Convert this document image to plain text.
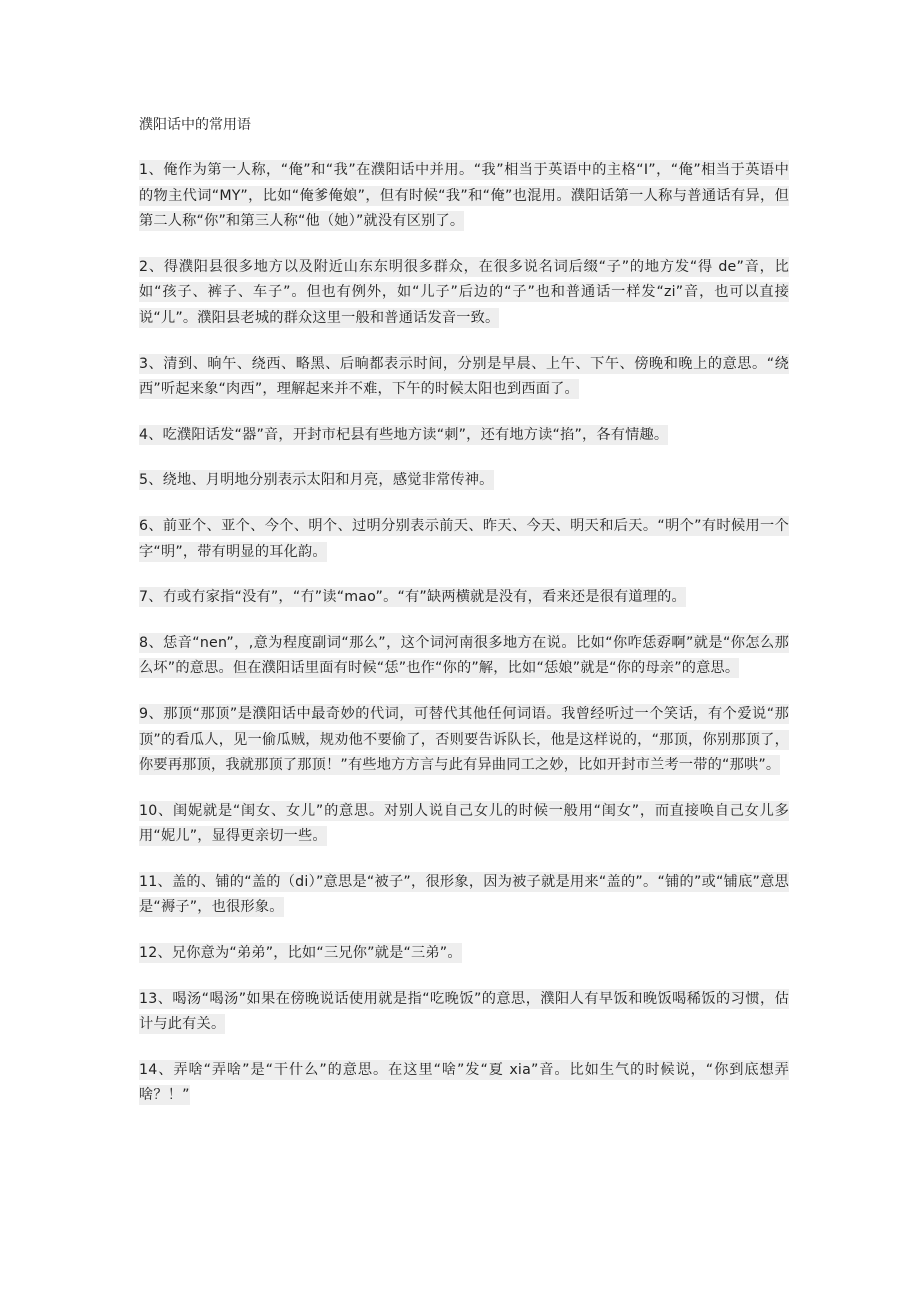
濮阳话中的常用语

1、俺作为第一人称，“俺”和“我”在濮阳话中并用。“我”相当于英语中的主格“I”，“俺”相当于英语中的物主代词“MY”，比如“俺爹俺娘”，但有时候“我”和“俺”也混用。濮阳话第一人称与普通话有异，但第二人称“你”和第三人称“他（她）”就没有区别了。

2、得濮阳县很多地方以及附近山东东明很多群众，在很多说名词后缀“子”的地方发“得 de”音，比如“孩子、裤子、车子”。但也有例外，如“儿子”后边的“子”也和普通话一样发“zi”音，也可以直接说“儿”。濮阳县老城的群众这里一般和普通话发音一致。

3、清到、晌午、绕西、略黑、后晌都表示时间，分别是早晨、上午、下午、傍晚和晚上的意思。“绕西”听起来象“肉西”，理解起来并不难，下午的时候太阳也到西面了。

4、吃濮阳话发“器”音，开封市杞县有些地方读“刺”，还有地方读“掐”，各有情趣。

5、绕地、月明地分别表示太阳和月亮，感觉非常传神。

6、前亚个、亚个、今个、明个、过明分别表示前天、昨天、今天、明天和后天。“明个”有时候用一个字“明”，带有明显的耳化韵。

7、冇或冇家指“没有”，“冇”读“mao”。“有”缺两横就是没有，看来还是很有道理的。

8、恁音“nen”，,意为程度副词“那么”，这个词河南很多地方在说。比如“你咋恁孬啊”就是“你怎么那么坏”的意思。但在濮阳话里面有时候“恁”也作“你的”解，比如“恁娘”就是“你的母亲”的意思。

9、那顶“那顶”是濮阳话中最奇妙的代词，可替代其他任何词语。我曾经听过一个笑话，有个爱说“那顶”的看瓜人，见一偷瓜贼，规劝他不要偷了，否则要告诉队长，他是这样说的，“那顶，你别那顶了，你要再那顶，我就那顶了那顶！”有些地方方言与此有异曲同工之妙，比如开封市兰考一带的“那哄”。

10、闺妮就是“闺女、女儿”的意思。对别人说自己女儿的时候一般用“闺女”，而直接唤自己女儿多用“妮儿”，显得更亲切一些。

11、盖的、铺的“盖的（di）”意思是“被子”，很形象，因为被子就是用来“盖的”。“铺的”或“铺底”意思是“褥子”，也很形象。

12、兄你意为“弟弟”，比如“三兄你”就是“三弟”。

13、喝汤“喝汤”如果在傍晚说话使用就是指“吃晚饭”的意思，濮阳人有早饭和晚饭喝稀饭的习惯，估计与此有关。

14、弄啥“弄啥”是“干什么”的意思。在这里“啥”发“夏 xia”音。比如生气的时候说，“你到底想弄啥？！”
